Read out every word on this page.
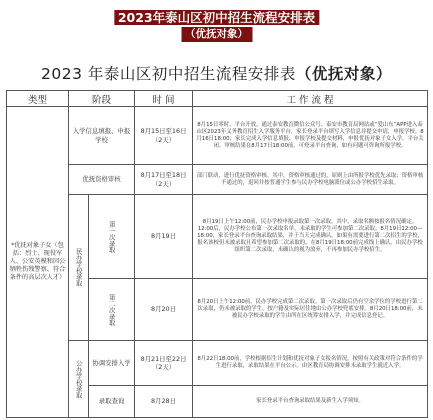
2023年泰山区初中招生流程安排表
（优抚对象）
2023 年泰山区初中招生流程安排表（优抚对象）
类型	阶段		时 间	工 作 流 程
*优抚对象子女（包括：烈士、现役军人、公安英模和因公牺牲伤残警察、符合条件的高层次人才）	入学信息填报、申报学校		8月15日至16日（2天）	8月15日零时，平台开放。通过泰安教育微信公众号、泰安市教育局网站或“爱山东”APP进入泰山区2023年义务教育招生入学服务平台，家长登录平台填写入学信息并提交申请，申报学校。8月16日18:00，家长完成入学信息填报、申报学校及提交材料，申报优抚对象子女入学。平台关闭。审核结果在8月17日18:00前，可登录平台查询，如有问题可咨询所报学校。
	优抚资格审核		8月17日至18日（2天）	部门联动，进行优抚资格审核。其中，资格审核通过的，原则上由所报学校优先录取；资格审核不通过的，退回并按普通学生参与民办学校电脑派位或公办学校招生录取。

	民办学校录取	第一次录取	8月19日	8月19日上午12:00前，民办学校申报录取第一次录取。其中，录取名额按报名情况确定。12:00后，民办学校公布第一次录取名单，未录取的学生可参加第二次录取。8月19日12:00—18:00，家长登录平台查询录取结果，并于当天完成确认。如果有需要进行第二次招生的学校，报名该校但未被录取且希望参加第二次录取的，在8月19日18:00前完成线上确认，由民办学校组织第二次录取，未确认的视为放弃，不再参加民办学校招生。

		第二次录取	8月20日	8月20日上午12:00前，民办学校完成第二次录取。第一次录取后仍有空余学位的学校进行第二次录取，仍未被录取的学生，按户籍及实际居住地由公办学校兜底安排。8月20日18:00前，未被民办学校录取的学生由所在区统筹安排入学，并完成信息登记。

	公办学校录取	协调安排入学	8月21日至22日（2天）	8月22日18:00前，学校根据招生计划和优抚对象子女报名情况，按照有关政策对符合条件的学生进行录取，录取结果在平台公示。由区教育局协调安排未录取学生就近入学。
		录取查询	8月28日	家长登录平台查询录取结果及新生入学须知。
